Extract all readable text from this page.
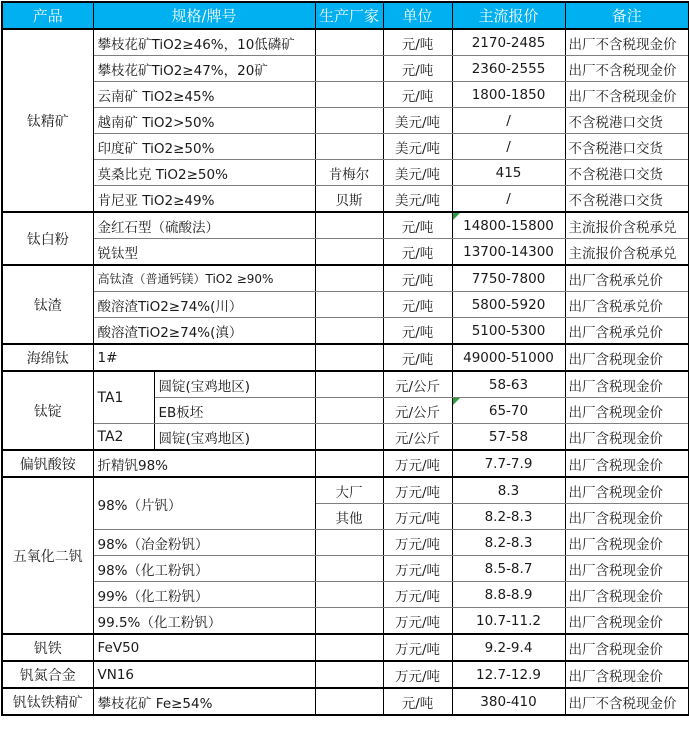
产品	规格/牌号		生产厂家	单位	主流报价	备注
钛精矿	攀枝花矿TiO2≥46%，10低磷矿			元/吨	2170-2485	出厂不含税现金价
	攀枝花矿TiO2≥47%，20矿			元/吨	2360-2555	出厂不含税现金价
	云南矿 TiO2≥45%			元/吨	1800-1850	出厂不含税现金价
	越南矿 TiO2>50%			美元/吨	/	不含税港口交货
	印度矿 TiO2≥50%			美元/吨	/	不含税港口交货
	莫桑比克 TiO2≥50%		肯梅尔	美元/吨	415	不含税港口交货
	肯尼亚 TiO2≥49%		贝斯	美元/吨	/	不含税港口交货
钛白粉	金红石型（硫酸法）			元/吨	14800-15800	主流报价含税承兑
	锐钛型			元/吨	13700-14300	主流报价含税承兑
钛渣	高钛渣（普通钙镁）TiO2 ≥90%			元/吨	7750-7800	出厂含税承兑价
	酸溶渣TiO2≥74%(川）			元/吨	5800-5920	出厂含税承兑价
	酸溶渣TiO2≥74%(滇）			元/吨	5100-5300	出厂含税承兑价
海绵钛	1#			元/吨	49000-51000	出厂含税现金价
钛锭	TA1	圆锭(宝鸡地区)		元/公斤	58-63	出厂含税现金价
		EB板坯		元/公斤	65-70	出厂含税现金价
	TA2	圆锭(宝鸡地区)		元/公斤	57-58	出厂含税现金价
偏钒酸铵	折精钒98%			万元/吨	7.7-7.9	出厂含税现金价
五氧化二钒	98%（片钒）		大厂	万元/吨	8.3	出厂含税现金价
			其他	万元/吨	8.2-8.3	出厂含税现金价
	98%（冶金粉钒）			万元/吨	8.2-8.3	出厂含税现金价
	98%（化工粉钒）			万元/吨	8.5-8.7	出厂含税现金价
	99%（化工粉钒）			万元/吨	8.8-8.9	出厂含税现金价
	99.5%（化工粉钒）			万元/吨	10.7-11.2	出厂含税现金价
钒铁	FeV50			万元/吨	9.2-9.4	出厂含税现金价
钒氮合金	VN16			万元/吨	12.7-12.9	出厂含税现金价
钒钛铁精矿	攀枝花矿 Fe≥54%			元/吨	380-410	出厂不含税现金价
